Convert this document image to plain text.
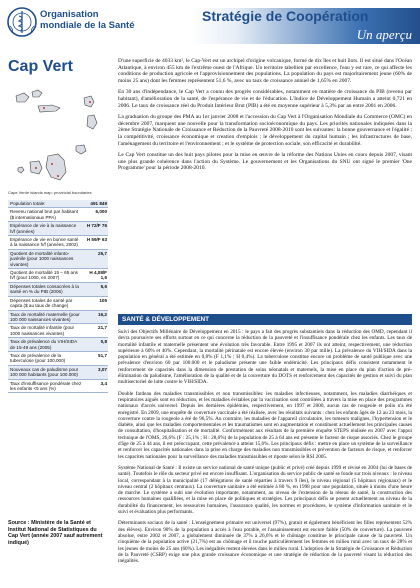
Organisation
mondiale de la Santé
Stratégie de Coopération
Un aperçu
Cap Vert
Cape Verde islands map: provincial boundaries
Population totale:	491 849
Revenu national brut par habitant ($ internationaux PPA)
6,000
Espérance de vie à la naissance h/f (années)
H 72/F 76
Espérance de vie en bonne santé à la naissance h/f (années, 2002)
H 59/F 63
Quotient de mortalité infanto-juvénile (pour 1000 naissances vivantes)
25,7
Quotient de mortalité 15 – 65 ans h/f (pour 1000, en 2007)
H 4,08/F 1,6
Dépenses totales consacrées à la santé en % du PIB (2006)
5,6
Dépenses totales de santé par capita ($ au taux de change)
105
Taux de mortalité maternelle (pour 100 000 naissances vivantes)
16,2
Taux de mortalité infantile (pour 1000 naissances vivantes)
21,7
Taux de prévalence du VIH/SIDA de 15-49 ans (2005)
0,8
Taux de prévalence de la tuberculose (pour 100,000)
51,7
Nouveaux cas de paludisme pour 100 000 habitants (pour 100.000)
3,07
Taux d'insuffisance pondérale chez les enfants <5 ans (%)
3,4
Source : Ministère de la Santé et Institut National de Statistiques du Cap Vert (année 2007 sauf autrement indiqué)

D'une superficie de 4033 km², le Cap-Vert est un archipel d'origine volcanique, formé de dix îles et huit îlots. Il est situé dans l'Océan Atlantique, à environ 455 km de l'extrême ouest de l'Afrique. Un territoire tabellien par excellence, l'eau y est rare, ce qui affecte les conditions de production agricole et l'approvisionnement des populations. La population du pays est majoritairement jeune (60% de moins 25 ans) dont les femmes représentent 51,6 %, avec un taux de croissance annuel de 1,65% en 2007.

En 30 ans d'indépendance, le Cap Vert a connu des progrès considérables, notamment en matière de croissance du PIB (revenu par habitant), d'amélioration de la santé, de l'espérance de vie et de l'éducation. L'Indice de Développement Humain a atteint 0,721 en 2006. Le taux de croissance réel du Produit Intérieur Brut (PIB) a été en moyenne supérieur à 5,3% par an entre 2001 en 2006.

La graduation du groupe des PMA au 1er janvier 2008 et l'accession du Cap Vert à l'Organisation Mondiale du Commerce (OMC) en décembre 2007, marquent une nouvelle pour la transformation socioéconomique du pays. Les priorités nationales indiquées dans la 2ème Stratégie Nationale de Croissance et Réduction de la Pauvreté 2008-2010 sont les suivantes: la bonne gouvernance et l'égalité ; la compétitivité, croissance économique et creation d'emplois ; le développement du capital humain ; les infrastructures de base, l'aménagement du territoire et l'environnement ; et le système de protection sociale, son efficacité et durabilité.

Le Cap Vert constitue un des huit pays pilotes pour la mise en œuvre de la réforme des Nations Unies en cours depuis 2007, visant une plus grande cohérence dans l'action du Système. Le gouvernement et les Organisations du SNU ont signé le premier 'One Programme' pour la période 2008-2010.

SANTÉ & DÉVELOPPEMENT

Suivi des Objectifs Millénaire de Développement en 2015 : le pays a fait des progrès substantiels dans la réduction des OMD, cependant il devra poursuivre ses efforts surtout en ce qui concerne la réduction de la pauvreté et l'insuffisance pondérale chez les enfants. Les taux de mortalité infantile et maternelle présentent une évolution très favorable. Entre 1995 et 2007 ils ont atteint, respectivement, une réduction supérieure à 60% et 40%. Cependant, la mortalité périnatale est encore élevée (environ 30 par mille). La prévalence du VIH/SIDA dans la population en général a été estimée en 0,8% (F 1,1% ; H 0,4%). La tuberculose constitue encore un problème de santé publique avec une prévalence d'environ 60 par 100.000 et le paludisme présente une faible endémicité. Les principaux défis consistent notamment le renforcement de capacités dans la dimension de prestation de soins néonatals et maternels, la mise en place du plan d'action de pré-élimination du paludisme, l'amélioration de la qualité et de la couverture du DOTS et renforcement des capacités de gestion et suivi du plan multisectoriel de lutte contre le VIH/SIDA.

Double fardeau des maladies transmissibles et non transmissibles: les maladies infectieuses, notamment, les maladies diarrhéiques et respiratoires aiguës sont en réduction, et les maladies évitables par la vaccination sont contrôlées à travers la mise en place des programmes nationaux d'accès universel. Depuis les dernières épidémies, respectivement, en 1997 et 2000, aucun cas de rougeole et polio n'a été enregistré. En 2009, une enquête de couverture vaccinale a été réalisée, avec les résultats suivants : chez les enfants âgés de 12 au 23 mois, la couverture contre la rougeole a été de 96,5%. Au contraire, les maladies de l'appareil circulatoire, les tumeurs malignes, l'hypertension et le diabète, ainsi que les maladies comportementales et les traumatismes sont en augmentation et constituent actuellement les principales causes de consultation, d'hospitalisation et de mortalité. Conformément aux résultats de la première enquête STEPS réalisée en 2007 avec l'appui technique de l'OMS, 26,6% (F : 25,1% ; H : 28,6%) de la population de 25 à 64 ans est présente le facteur de risque associés. Chez le groupe d'âge de 25 à 44 ans, il est préoccupant, cette prévalence a atteint 15,6%. Les principaux défis : mettre en place un système de la surveillance et renforcer les capacités nationales dans la prise en charge des maladies non transmissibles et prévention de facteurs de risque, et renforcer les capacités nationales pour la surveillance des maladies transmissibles et riposte selon le RSI 2005.

Système National de Santé : Il existe un service national de santé unique (public et privé) créé depuis 1999 et révisé en 2004 (loi de bases de santé). Toutefois le rôle du secteur privé est encore insuffisant. L'organisation du service public de santé se fonde sur trois niveaux : le niveau local, correspondant à la municipalité (17 délégations de santé réparties à travers 9 îles), le niveau régional (5 hôpitaux régionaux) et le niveau central (2 hôpitaux centraux). La couverture sanitaire a été estimée à 80 %, en 1998 pour une population, située à moins d'une heure de marche. Le système a subi une évolution importante, notamment, au niveau de l'extension de la réseau de santé, la construction des ressources humaines qualifiées, et la mise en place de politiques et stratégies. Les principaux défis se posent actuellement au niveau de la durabilité du financement, les ressources humaines, l'assurance qualité, les normes et procédures, le système d'information sanitaire et le suivi et évaluation plus performants.

Déterminants sociaux de la santé : L'enseignement primaire est universel (97%), gratuit et également bénéficient les filles représentent 52% des élèves). Environ 90% de la population a accès à l'eau potable, et l'assainissement est encore faible (50% de couverture). La pauvreté absolue, entre 2002 et 2007, a globalement diminuée de 37% à 26,6% et le chômage constitue le principale cause de la pauvreté. Un cinquième de la population active (21,7%) est au chômage et il touche particulièrement les femmes en milieu rural avec un taux de 28% et les jeunes de moins de 25 ans (60%). Les inégalités restent élevées dans le milieu rural. L'adoption de la Stratégie de Croissance et Réduction de la Pauvreté (CSRP) exige une plus grande croissance économique et une stratégie de réduction de la pauvreté visant la réduction des inégalités.
